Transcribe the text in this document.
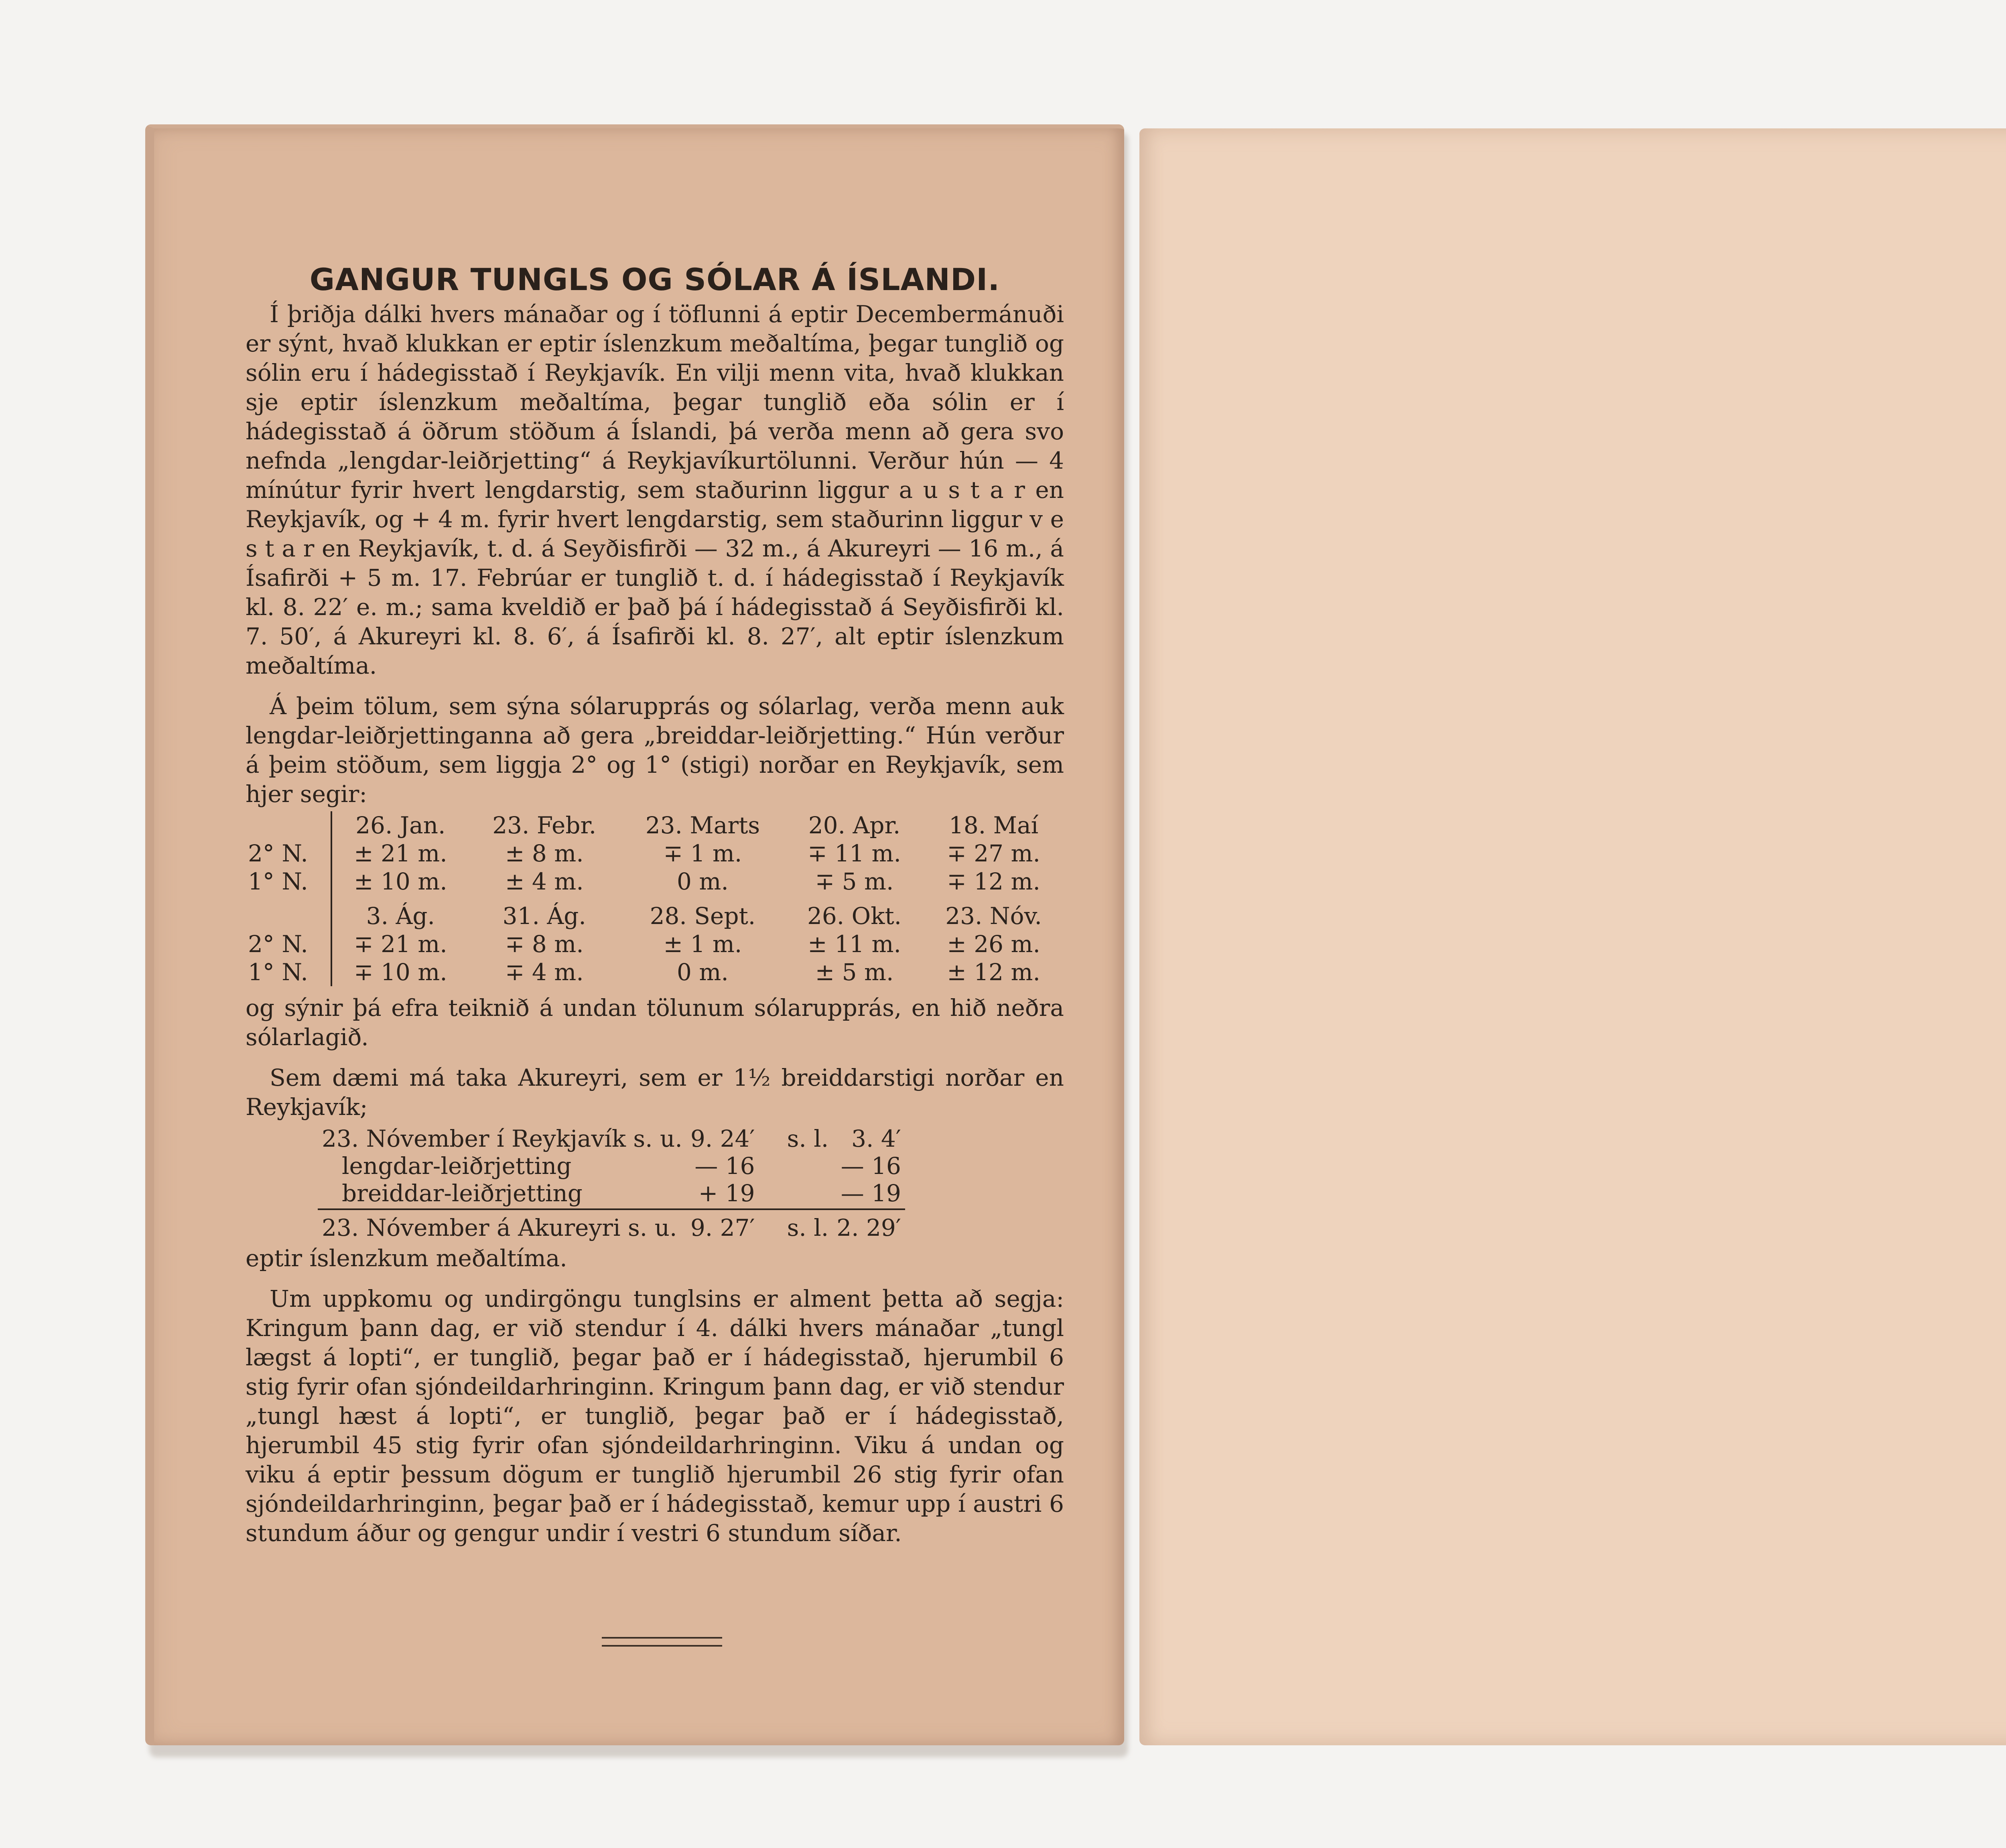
GANGUR TUNGLS OG SÓLAR Á ÍSLANDI.

Í þriðja dálki hvers mánaðar og í töflunni á eptir Decembermánuði er sýnt, hvað klukkan er eptir íslenzkum meðaltíma, þegar tunglið og sólin eru í hádegisstað í Reykjavík. En vilji menn vita, hvað klukkan sje eptir íslenzkum meðaltíma, þegar tunglið eða sólin er í hádegisstað á öðrum stöðum á Íslandi, þá verða menn að gera svo nefnda „lengdar-leiðrjetting“ á Reykjavíkurtölunni. Verður hún — 4 mínútur fyrir hvert lengdarstig, sem staðurinn liggur a u s t a r en Reykjavík, og + 4 m. fyrir hvert lengdarstig, sem staðurinn liggur v e s t a r en Reykjavík, t. d. á Seyðisfirði — 32 m., á Akureyri — 16 m., á Ísafirði + 5 m. 17. Febrúar er tunglið t. d. í hádegisstað í Reykjavík kl. 8. 22′ e. m.; sama kveldið er það þá í hádegisstað á Seyðisfirði kl. 7. 50′, á Akureyri kl. 8. 6′, á Ísafirði kl. 8. 27′, alt eptir íslenzkum meðaltíma.

Á þeim tölum, sem sýna sólarupprás og sólarlag, verða menn auk lengdar-leiðrjettinganna að gera „breiddar-leiðrjetting.“ Hún verður á þeim stöðum, sem liggja 2° og 1° (stigi) norðar en Reykjavík, sem hjer segir:

	26. Jan.	23. Febr.	23. Marts	20. Apr.	18. Maí
2° N.	± 21 m.	± 8 m.	∓ 1 m.	∓ 11 m.	∓ 27 m.
1° N.	± 10 m.	± 4 m.	0 m.	∓ 5 m.	∓ 12 m.
	3. Ág.	31. Ág.	28. Sept.	26. Okt.	23. Nóv.
2° N.	∓ 21 m.	∓ 8 m.	± 1 m.	± 11 m.	± 26 m.
1° N.	∓ 10 m.	∓ 4 m.	0 m.	± 5 m.	± 12 m.

og sýnir þá efra teiknið á undan tölunum sólarupprás, en hið neðra sólarlagið.

Sem dæmi má taka Akureyri, sem er 1½ breiddarstigi norðar en Reykjavík;

23. Nóvember í Reykjavík s. u.	9. 24′	s. l.	3. 4′
lengdar-leiðrjetting	— 16		— 16
breiddar-leiðrjetting	+ 19		— 19

23. Nóvember á Akureyri s. u.	9. 27′	s. l.	2. 29′

eptir íslenzkum meðaltíma.

Um uppkomu og undirgöngu tunglsins er alment þetta að segja: Kringum þann dag, er við stendur í 4. dálki hvers mánaðar „tungl lægst á lopti“, er tunglið, þegar það er í hádegisstað, hjerumbil 6 stig fyrir ofan sjóndeildarhringinn. Kringum þann dag, er við stendur „tungl hæst á lopti“, er tunglið, þegar það er í hádegisstað, hjerumbil 45 stig fyrir ofan sjóndeildarhringinn. Viku á undan og viku á eptir þessum dögum er tunglið hjerumbil 26 stig fyrir ofan sjóndeildarhringinn, þegar það er í hádegisstað, kemur upp í austri 6 stundum áður og gengur undir í vestri 6 stundum síðar.
